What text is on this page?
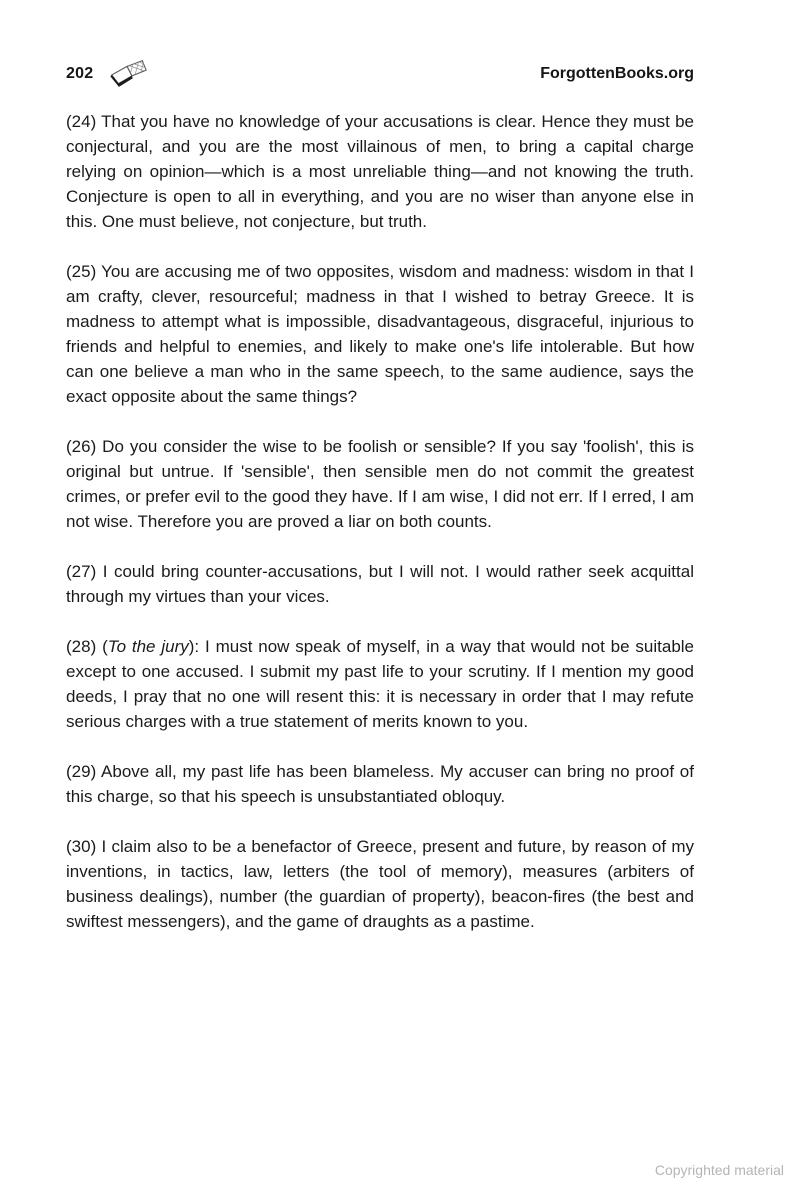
202	ForgottenBooks.org

(24) That you have no knowledge of your accusations is clear. Hence they must be conjectural, and you are the most villainous of men, to bring a capital charge relying on opinion—which is a most unreliable thing—and not knowing the truth. Conjecture is open to all in everything, and you are no wiser than anyone else in this. One must believe, not conjecture, but truth.

(25) You are accusing me of two opposites, wisdom and madness: wisdom in that I am crafty, clever, resourceful; madness in that I wished to betray Greece. It is madness to attempt what is impossible, disadvantageous, disgraceful, injurious to friends and helpful to enemies, and likely to make one's life intolerable. But how can one believe a man who in the same speech, to the same audience, says the exact opposite about the same things?

(26) Do you consider the wise to be foolish or sensible? If you say 'foolish', this is original but untrue. If 'sensible', then sensible men do not commit the greatest crimes, or prefer evil to the good they have. If I am wise, I did not err. If I erred, I am not wise. Therefore you are proved a liar on both counts.

(27) I could bring counter-accusations, but I will not. I would rather seek acquittal through my virtues than your vices.

(28) (To the jury): I must now speak of myself, in a way that would not be suitable except to one accused. I submit my past life to your scrutiny. If I mention my good deeds, I pray that no one will resent this: it is necessary in order that I may refute serious charges with a true statement of merits known to you.

(29) Above all, my past life has been blameless. My accuser can bring no proof of this charge, so that his speech is unsubstantiated obloquy.

(30) I claim also to be a benefactor of Greece, present and future, by reason of my inventions, in tactics, law, letters (the tool of memory), measures (arbiters of business dealings), number (the guardian of property), beacon-fires (the best and swiftest messengers), and the game of draughts as a pastime.

Copyrighted material
